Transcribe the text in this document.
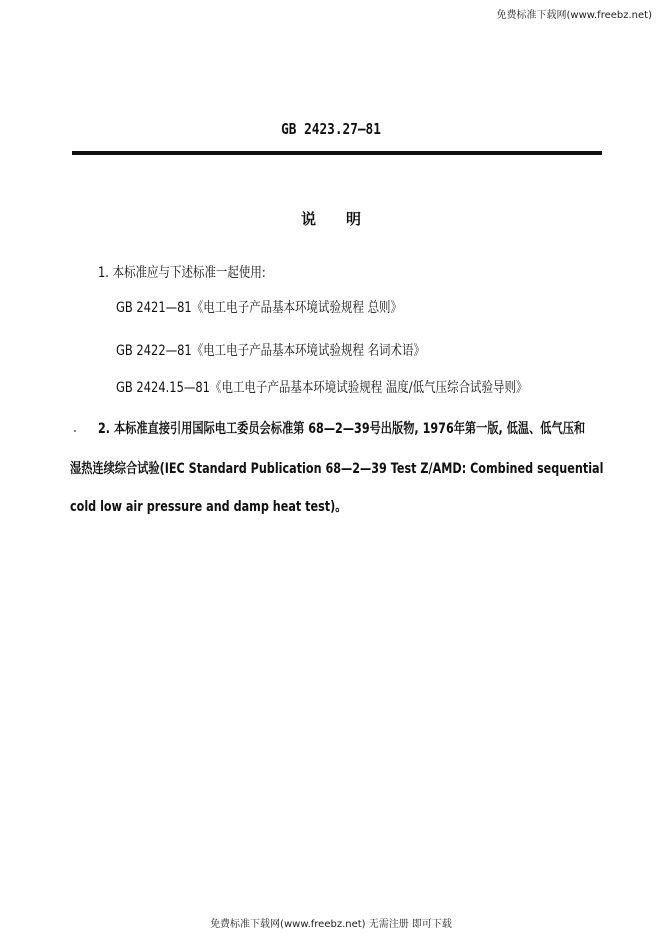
免费标准下载网(www.freebz.net)
GB 2423.27—81
说明
1. 本标准应与下述标准一起使用:
GB 2421—81《电工电子产品基本环境试验规程 总则》
GB 2422—81《电工电子产品基本环境试验规程 名词术语》
GB 2424.15—81《电工电子产品基本环境试验规程 温度/低气压综合试验导则》
2. 本标准直接引用国际电工委员会标准第 68—2—39号出版物, 1976年第一版, 低温、低气压和
湿热连续综合试验(IEC Standard Publication 68—2—39 Test Z/AMD: Combined sequential
cold low air pressure and damp heat test)。
免费标准下载网(www.freebz.net) 无需注册 即可下载
